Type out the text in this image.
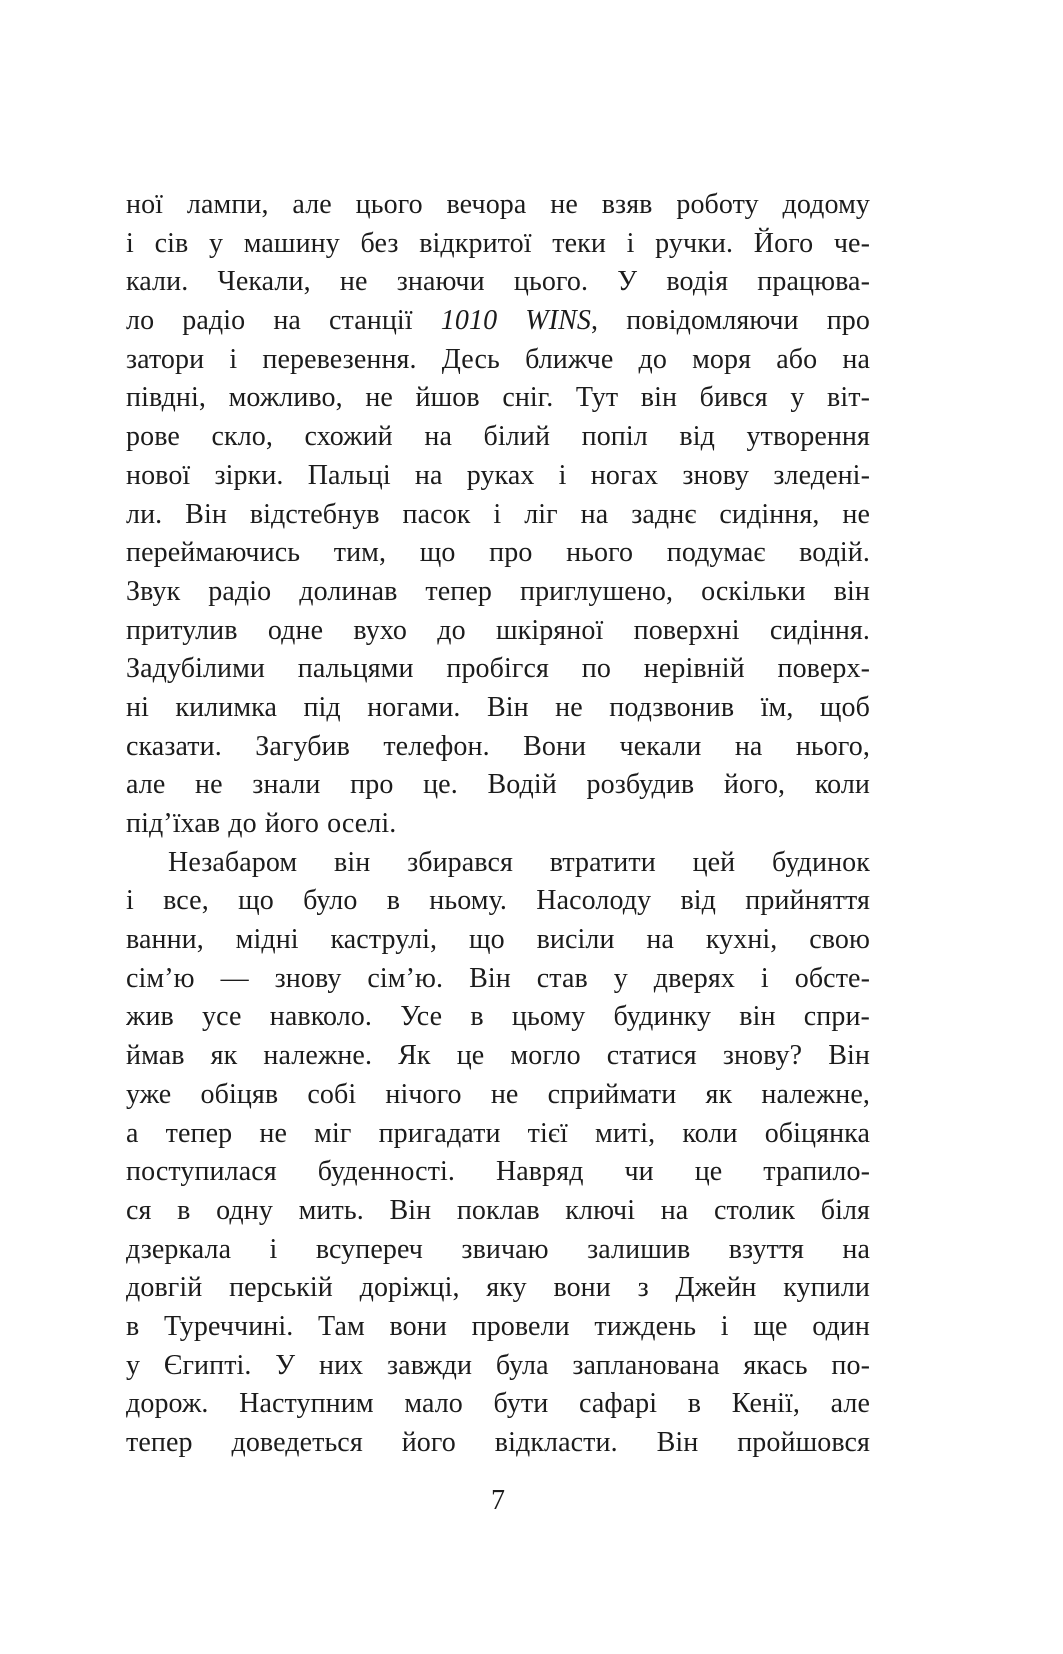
ної лампи, але цього вечора не взяв роботу додому
і сів у машину без відкритої теки і ручки. Його че-
кали. Чекали, не знаючи цього. У водія працюва-
ло радіо на станції 1010 WINS, повідомляючи про
затори і перевезення. Десь ближче до моря або на
півдні, можливо, не йшов сніг. Тут він бився у віт-
рове скло, схожий на білий попіл від утворення
нової зірки. Пальці на руках і ногах знову зледені-
ли. Він відстебнув пасок і ліг на заднє сидіння, не
переймаючись тим, що про нього подумає водій.
Звук радіо долинав тепер приглушено, оскільки він
притулив одне вухо до шкіряної поверхні сидіння.
Задубілими пальцями пробігся по нерівній поверх-
ні килимка під ногами. Він не подзвонив їм, щоб
сказати. Загубив телефон. Вони чекали на нього,
але не знали про це. Водій розбудив його, коли
під’їхав до його оселі.
Незабаром він збирався втратити цей будинок
і все, що було в ньому. Насолоду від прийняття
ванни, мідні каструлі, що висіли на кухні, свою
сім’ю — знову сім’ю. Він став у дверях і обсте-
жив усе навколо. Усе в цьому будинку він спри-
ймав як належне. Як це могло статися знову? Він
уже обіцяв собі нічого не сприймати як належне,
а тепер не міг пригадати тієї миті, коли обіцянка
поступилася буденності. Навряд чи це трапило-
ся в одну мить. Він поклав ключі на столик біля
дзеркала і всупереч звичаю залишив взуття на
довгій перській доріжці, яку вони з Джейн купили
в Туреччині. Там вони провели тиждень і ще один
у Єгипті. У них завжди була запланована якась по-
дорож. Наступним мало бути сафарі в Кенії, але
тепер доведеться його відкласти. Він пройшовся
7
